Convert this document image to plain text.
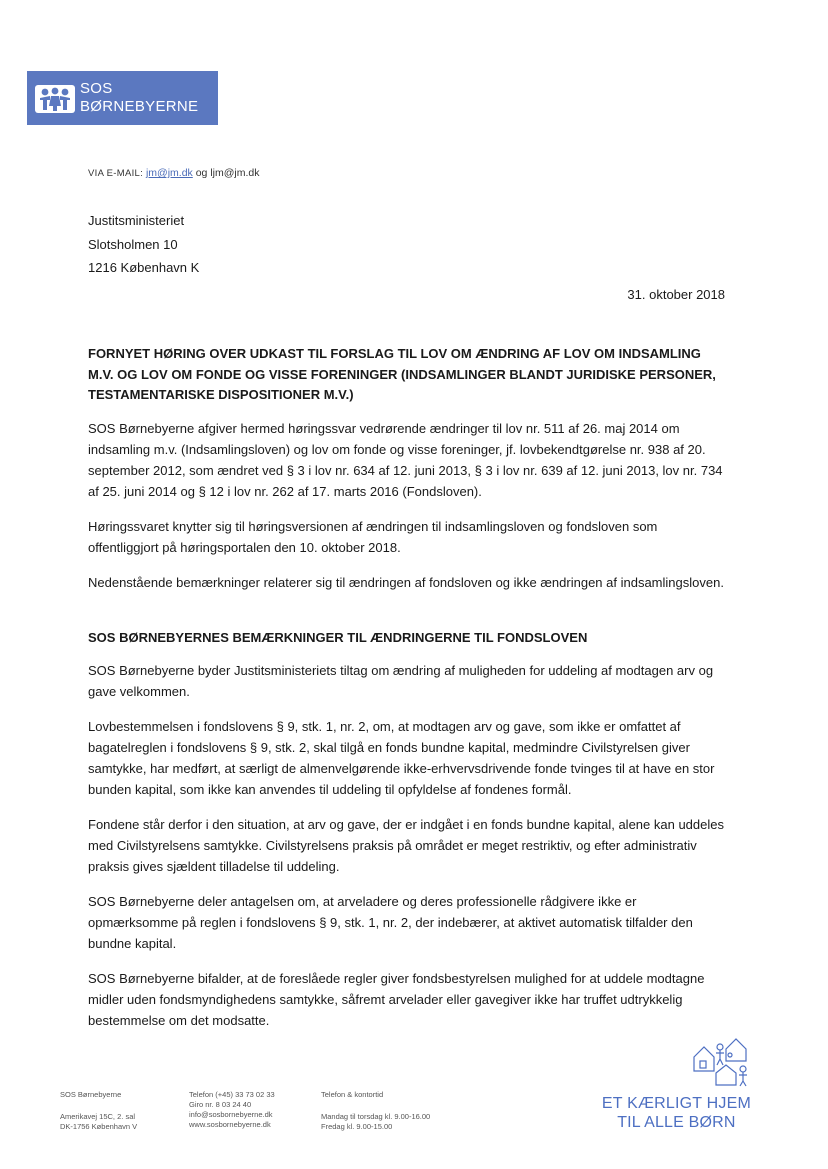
SOS
BØRNEBYERNE
VIA E-MAIL: jm@jm.dk og ljm@jm.dk
Justitsministeriet
Slotsholmen 10
1216 København K
31. oktober 2018

FORNYET HØRING OVER UDKAST TIL FORSLAG TIL LOV OM ÆNDRING AF LOV OM INDSAMLING M.V. OG LOV OM FONDE OG VISSE FORENINGER (INDSAMLINGER BLANDT JURIDISKE PERSONER, TESTAMENTARISKE DISPOSITIONER M.V.)

SOS Børnebyerne afgiver hermed høringssvar vedrørende ændringer til lov nr. 511 af 26. maj 2014 om indsamling m.v. (Indsamlingsloven) og lov om fonde og visse foreninger, jf. lovbekendtgørelse nr. 938 af 20. september 2012, som ændret ved § 3 i lov nr. 634 af 12. juni 2013, § 3 i lov nr. 639 af 12. juni 2013, lov nr. 734 af 25. juni 2014 og § 12 i lov nr. 262 af 17. marts 2016 (Fondsloven).

Høringssvaret knytter sig til høringsversionen af ændringen til indsamlingsloven og fondsloven som offentliggjort på høringsportalen den 10. oktober 2018.

Nedenstående bemærkninger relaterer sig til ændringen af fondsloven og ikke ændringen af indsamlingsloven.

SOS BØRNEBYERNES BEMÆRKNINGER TIL ÆNDRINGERNE TIL FONDSLOVEN

SOS Børnebyerne byder Justitsministeriets tiltag om ændring af muligheden for uddeling af modtagen arv og gave velkommen.

Lovbestemmelsen i fondslovens § 9, stk. 1, nr. 2, om, at modtagen arv og gave, som ikke er omfattet af bagatelreglen i fondslovens § 9, stk. 2, skal tilgå en fonds bundne kapital, medmindre Civilstyrelsen giver samtykke, har medført, at særligt de almenvelgørende ikke-erhvervsdrivende fonde tvinges til at have en stor bunden kapital, som ikke kan anvendes til uddeling til opfyldelse af fondenes formål.

Fondene står derfor i den situation, at arv og gave, der er indgået i en fonds bundne kapital, alene kan uddeles med Civilstyrelsens samtykke. Civilstyrelsens praksis på området er meget restriktiv, og efter administrativ praksis gives sjældent tilladelse til uddeling.

SOS Børnebyerne deler antagelsen om, at arveladere og deres professionelle rådgivere ikke er opmærksomme på reglen i fondslovens § 9, stk. 1, nr. 2, der indebærer, at aktivet automatisk tilfalder den bundne kapital.

SOS Børnebyerne bifalder, at de foreslåede regler giver fondsbestyrelsen mulighed for at uddele modtagne midler uden fondsmyndighedens samtykke, såfremt arvelader eller gavegiver ikke har truffet udtrykkelig bestemmelse om det modsatte.

ET KÆRLIGT HJEM
TIL ALLE BØRN
SOS Børnebyerne
Amerikavej 15C, 2. sal
DK-1756 København V
Telefon (+45) 33 73 02 33
Giro nr. 8 03 24 40
info@sosbornebyerne.dk
www.sosbornebyerne.dk
Telefon & kontortid
Mandag til torsdag kl. 9.00-16.00
Fredag kl. 9.00-15.00
